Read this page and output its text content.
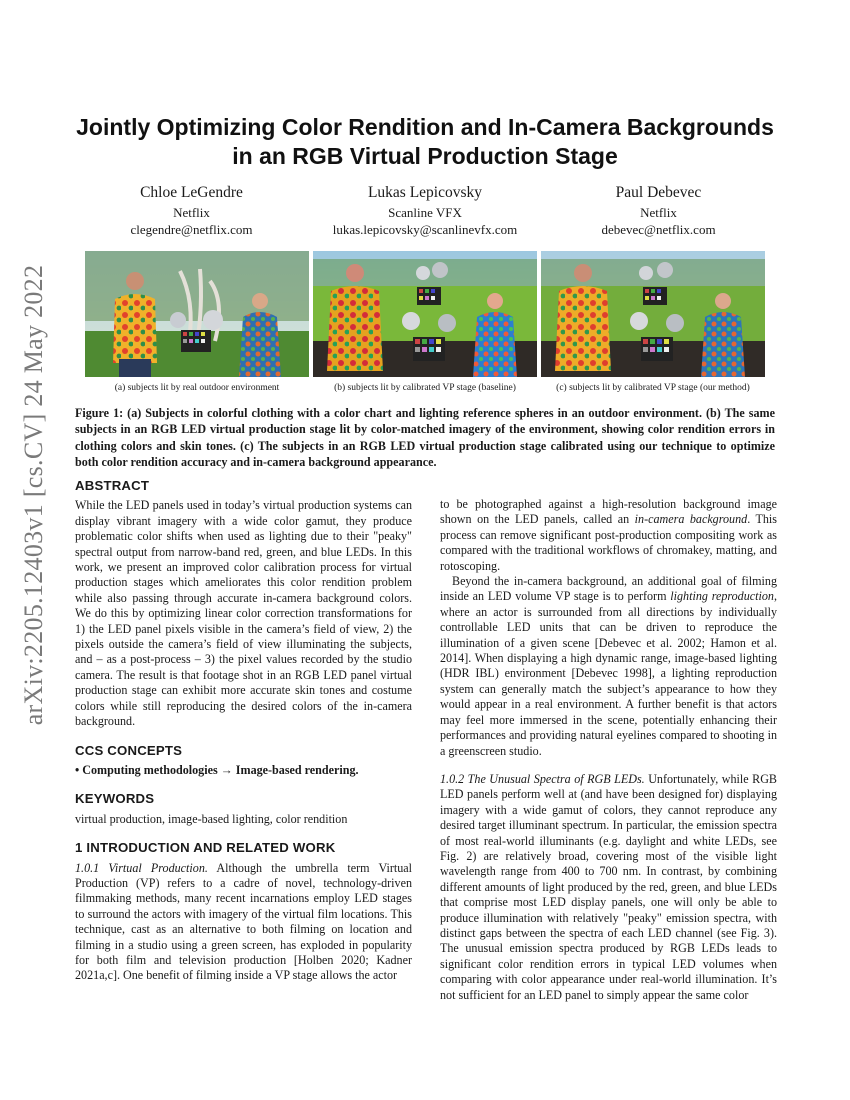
arXiv:2205.12403v1 [cs.CV] 24 May 2022
Jointly Optimizing Color Rendition and In-Camera Backgrounds
in an RGB Virtual Production Stage
Chloe LeGendre
Netflix
clegendre@netflix.com
Lukas Lepicovsky
Scanline VFX
lukas.lepicovsky@scanlinevfx.com
Paul Debevec
Netflix
debevec@netflix.com
(a) subjects lit by real outdoor environment	(b) subjects lit by calibrated VP stage (baseline)	(c) subjects lit by calibrated VP stage (our method)
Figure 1: (a) Subjects in colorful clothing with a color chart and lighting reference spheres in an outdoor environment. (b) The same subjects in an RGB LED virtual production stage lit by color-matched imagery of the environment, showing color rendition errors in clothing colors and skin tones. (c) The subjects in an RGB LED virtual production stage calibrated using our technique to optimize both color rendition accuracy and in-camera background appearance.
ABSTRACT

While the LED panels used in today’s virtual production systems can display vibrant imagery with a wide color gamut, they produce problematic color shifts when used as lighting due to their "peaky" spectral output from narrow-band red, green, and blue LEDs. In this work, we present an improved color calibration process for virtual production stages which ameliorates this color rendition problem while also passing through accurate in-camera background colors. We do this by optimizing linear color correction transformations for 1) the LED panel pixels visible in the camera’s field of view, 2) the pixels outside the camera’s field of view illuminating the subjects, and – as a post-process – 3) the pixel values recorded by the studio camera. The result is that footage shot in an RGB LED panel virtual production stage can exhibit more accurate skin tones and costume colors while still reproducing the desired colors of the in-camera background.

CCS CONCEPTS

• Computing methodologies → Image-based rendering.

KEYWORDS

virtual production, image-based lighting, color rendition

1 INTRODUCTION AND RELATED WORK

1.0.1 Virtual Production. Although the umbrella term Virtual Production (VP) refers to a cadre of novel, technology-driven filmmaking methods, many recent incarnations employ LED stages to surround the actors with imagery of the virtual film locations. This technique, cast as an alternative to both filming on location and filming in a studio using a green screen, has exploded in popularity for both film and television production [Holben 2020; Kadner 2021a,c]. One benefit of filming inside a VP stage allows the actor

to be photographed against a high-resolution background image shown on the LED panels, called an in-camera background. This process can remove significant post-production compositing work as compared with the traditional workflows of chromakey, matting, and rotoscoping.

Beyond the in-camera background, an additional goal of filming inside an LED volume VP stage is to perform lighting reproduction, where an actor is surrounded from all directions by individually controllable LED units that can be driven to reproduce the illumination of a given scene [Debevec et al. 2002; Hamon et al. 2014]. When displaying a high dynamic range, image-based lighting (HDR IBL) environment [Debevec 1998], a lighting reproduction system can generally match the subject’s appearance to how they would appear in a real environment. A further benefit is that actors may feel more immersed in the scene, potentially enhancing their performances and providing natural eyelines compared to shooting in a greenscreen studio.

1.0.2 The Unusual Spectra of RGB LEDs. Unfortunately, while RGB LED panels perform well at (and have been designed for) displaying imagery with a wide gamut of colors, they cannot reproduce any desired target illuminant spectrum. In particular, the emission spectra of most real-world illuminants (e.g. daylight and white LEDs, see Fig. 2) are relatively broad, covering most of the visible light wavelength range from 400 to 700 nm. In contrast, by combining different amounts of light produced by the red, green, and blue LEDs that comprise most LED display panels, one will only be able to produce illumination with relatively "peaky" emission spectra, with distinct gaps between the spectra of each LED channel (see Fig. 3). The unusual emission spectra produced by RGB LEDs leads to significant color rendition errors in typical LED volumes when comparing with color appearance under real-world illumination. It’s not sufficient for an LED panel to simply appear the same color
